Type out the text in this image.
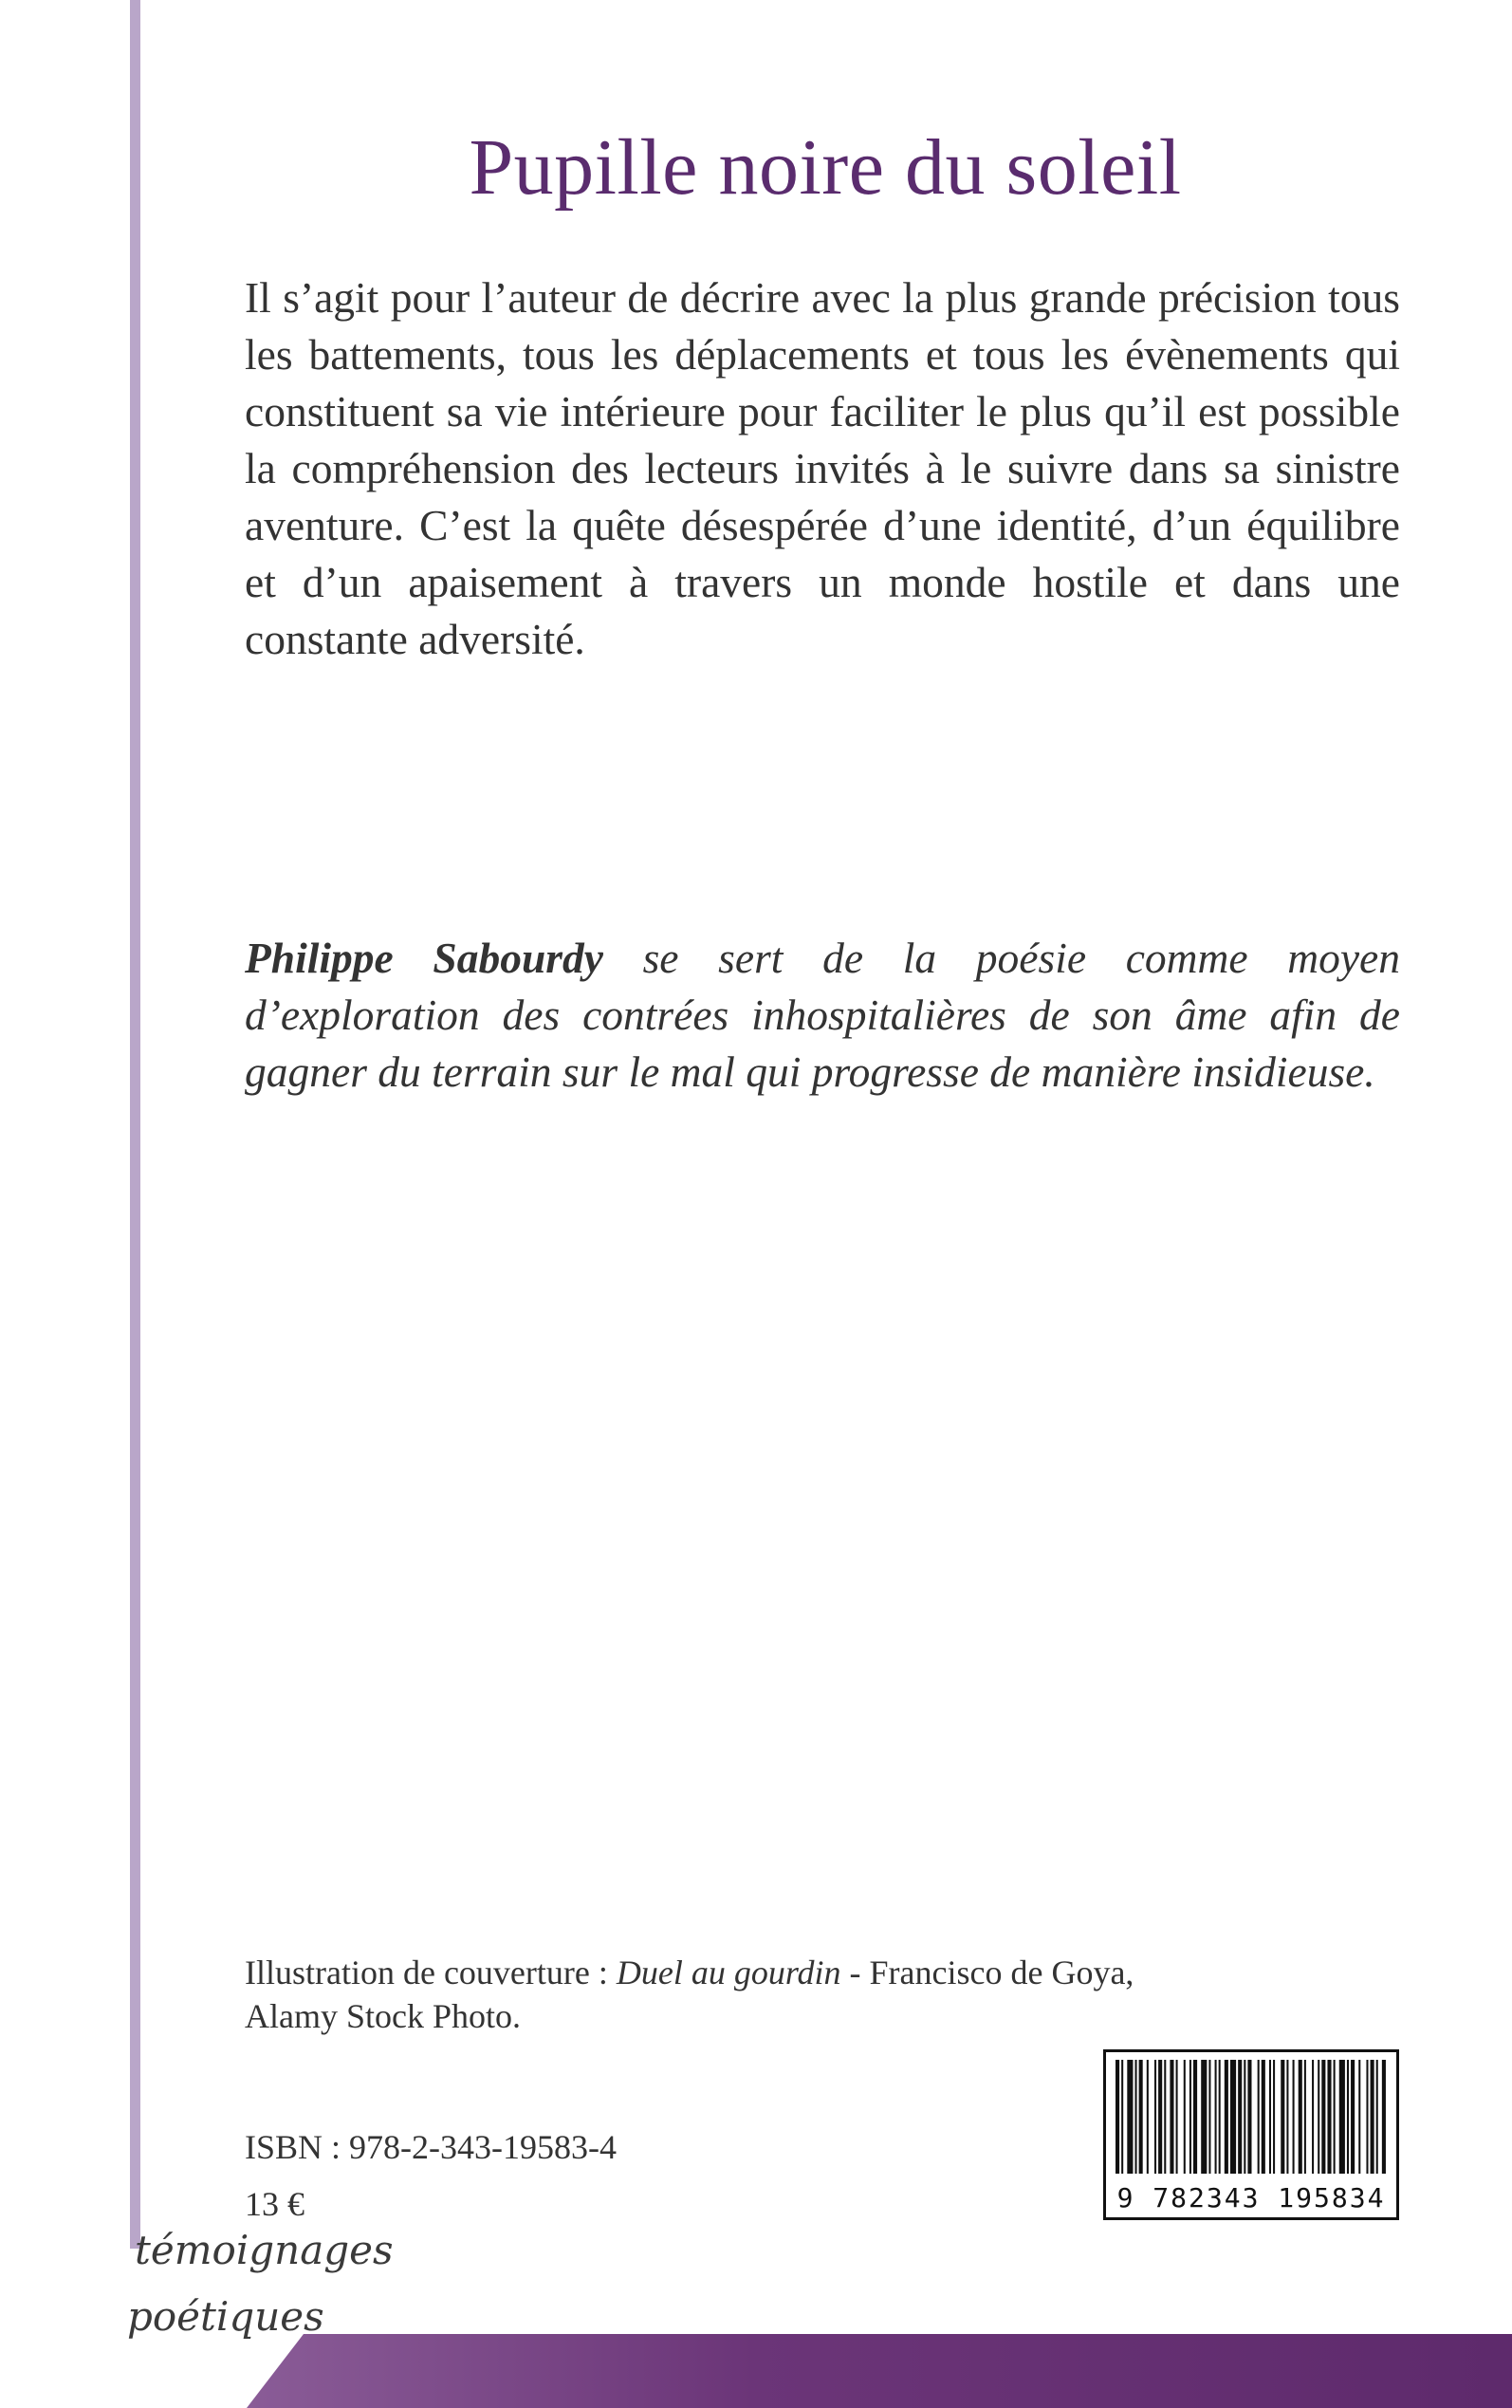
Pupille noire du soleil

Il s’agit pour l’auteur de décrire avec la plus grande précision tous les battements, tous les déplacements et tous les évènements qui constituent sa vie intérieure pour faciliter le plus qu’il est possible la compréhension des lecteurs invités à le suivre dans sa sinistre aventure. C’est la quête désespérée d’une identité, d’un équilibre et d’un apaisement à travers un monde hostile et dans une constante adversité.

Philippe Sabourdy se sert de la poésie comme moyen d’exploration des contrées inhospitalières de son âme afin de gagner du terrain sur le mal qui progresse de manière insidieuse.

Illustration de couverture : Duel au gourdin - Francisco de Goya, Alamy Stock Photo.

ISBN : 978-2-343-19583-4

13 €	9 782343 195834
témoignages
poétiques
